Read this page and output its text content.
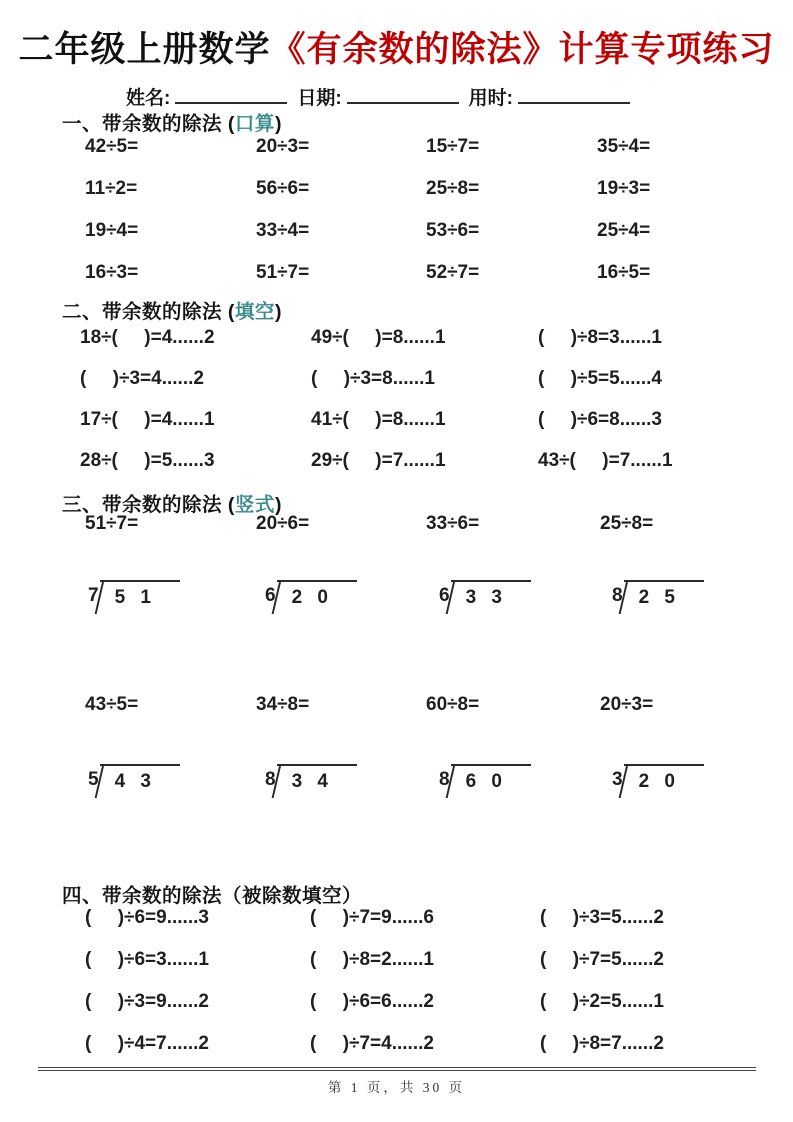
二年级上册数学《有余数的除法》计算专项练习
姓名:	日期:	用时:
一、带余数的除法 (口算)
42÷5=	20÷3=	15÷7=	35÷4=
11÷2=	56÷6=	25÷8=	19÷3=
19÷4=	33÷4=	53÷6=	25÷4=
16÷3=	51÷7=	52÷7=	16÷5=
二、带余数的除法 (填空)
18÷(     )=4......2	49÷(     )=8......1	(     )÷8=3......1
(     )÷3=4......2	(     )÷3=8......1	(     )÷5=5......4
17÷(     )=4......1	41÷(     )=8......1	(     )÷6=8......3
28÷(     )=5......3	29÷(     )=7......1	43÷(     )=7......1
三、带余数的除法 (竖式)
51÷7=	20÷6=	33÷6=	25÷8=
7 5 1	6 2 0	6 3 3	8 2 5
43÷5=	34÷8=	60÷8=	20÷3=
5 4 3	8 3 4	8 6 0	3 2 0
四、带余数的除法（被除数填空）
(     )÷6=9......3	(     )÷7=9......6	(     )÷3=5......2
(     )÷6=3......1	(     )÷8=2......1	(     )÷7=5......2
(     )÷3=9......2	(     )÷6=6......2	(     )÷2=5......1
(     )÷4=7......2	(     )÷7=4......2	(     )÷8=7......2
第 1 页，共 30 页
